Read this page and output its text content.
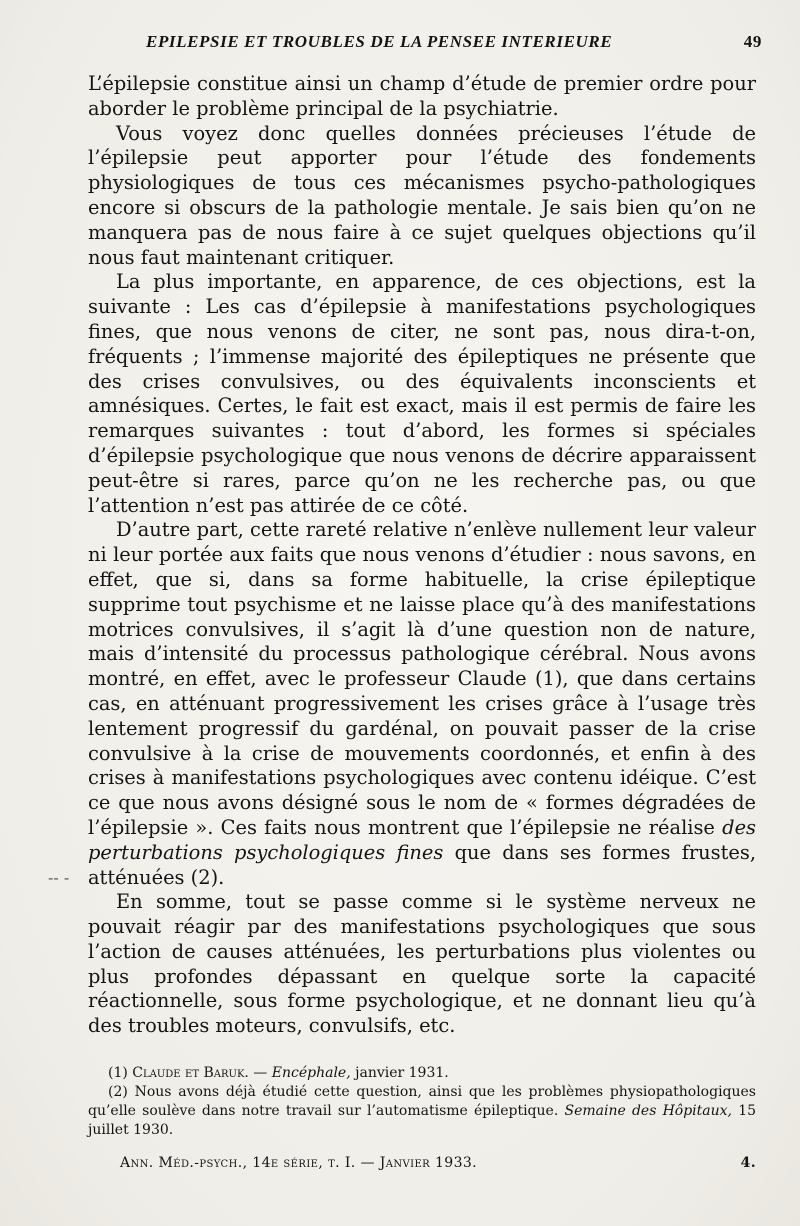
EPILEPSIE ET TROUBLES DE LA PENSEE INTERIEURE	49

L’épilepsie constitue ainsi un champ d’étude de premier ordre pour aborder le problème principal de la psychiatrie.

Vous voyez donc quelles données précieuses l’étude de l’épilepsie peut apporter pour l’étude des fondements physiologiques de tous ces mécanismes psycho-pathologiques encore si obscurs de la pathologie mentale. Je sais bien qu’on ne manquera pas de nous faire à ce sujet quelques objections qu’il nous faut maintenant critiquer.

La plus importante, en apparence, de ces objections, est la suivante : Les cas d’épilepsie à manifestations psychologiques fines, que nous venons de citer, ne sont pas, nous dira-t-on, fréquents ; l’immense majorité des épileptiques ne présente que des crises convulsives, ou des équivalents inconscients et amnésiques. Certes, le fait est exact, mais il est permis de faire les remarques suivantes : tout d’abord, les formes si spéciales d’épilepsie psychologique que nous venons de décrire apparaissent peut-être si rares, parce qu’on ne les recherche pas, ou que l’attention n’est pas attirée de ce côté.

D’autre part, cette rareté relative n’enlève nullement leur valeur ni leur portée aux faits que nous venons d’étudier : nous savons, en effet, que si, dans sa forme habituelle, la crise épileptique supprime tout psychisme et ne laisse place qu’à des manifestations motrices convulsives, il s’agit là d’une question non de nature, mais d’intensité du processus pathologique cérébral. Nous avons montré, en effet, avec le professeur Claude (1), que dans certains cas, en atténuant progressivement les crises grâce à l’usage très lentement progressif du gardénal, on pouvait passer de la crise convulsive à la crise de mouvements coordonnés, et enfin à des crises à manifestations psychologiques avec contenu idéique. C’est ce que nous avons désigné sous le nom de « formes dégradées de l’épilepsie ». Ces faits nous montrent que l’épilepsie ne réalise des perturbations psychologiques fines que dans ses formes frustes, atténuées (2).

En somme, tout se passe comme si le système nerveux ne pouvait réagir par des manifestations psychologiques que sous l’action de causes atténuées, les perturbations plus violentes ou plus profondes dépassant en quelque sorte la capacité réactionnelle, sous forme psychologique, et ne donnant lieu qu’à des troubles moteurs, convulsifs, etc.

-- -

(1) Claude et Baruk. — Encéphale, janvier 1931.

(2) Nous avons déjà étudié cette question, ainsi que les problèmes physiopathologiques qu’elle soulève dans notre travail sur l’automatisme épileptique. Semaine des Hôpitaux, 15 juillet 1930.

Ann. Méd.-psych., 14e série, t. I. — Janvier 1933.	4.
